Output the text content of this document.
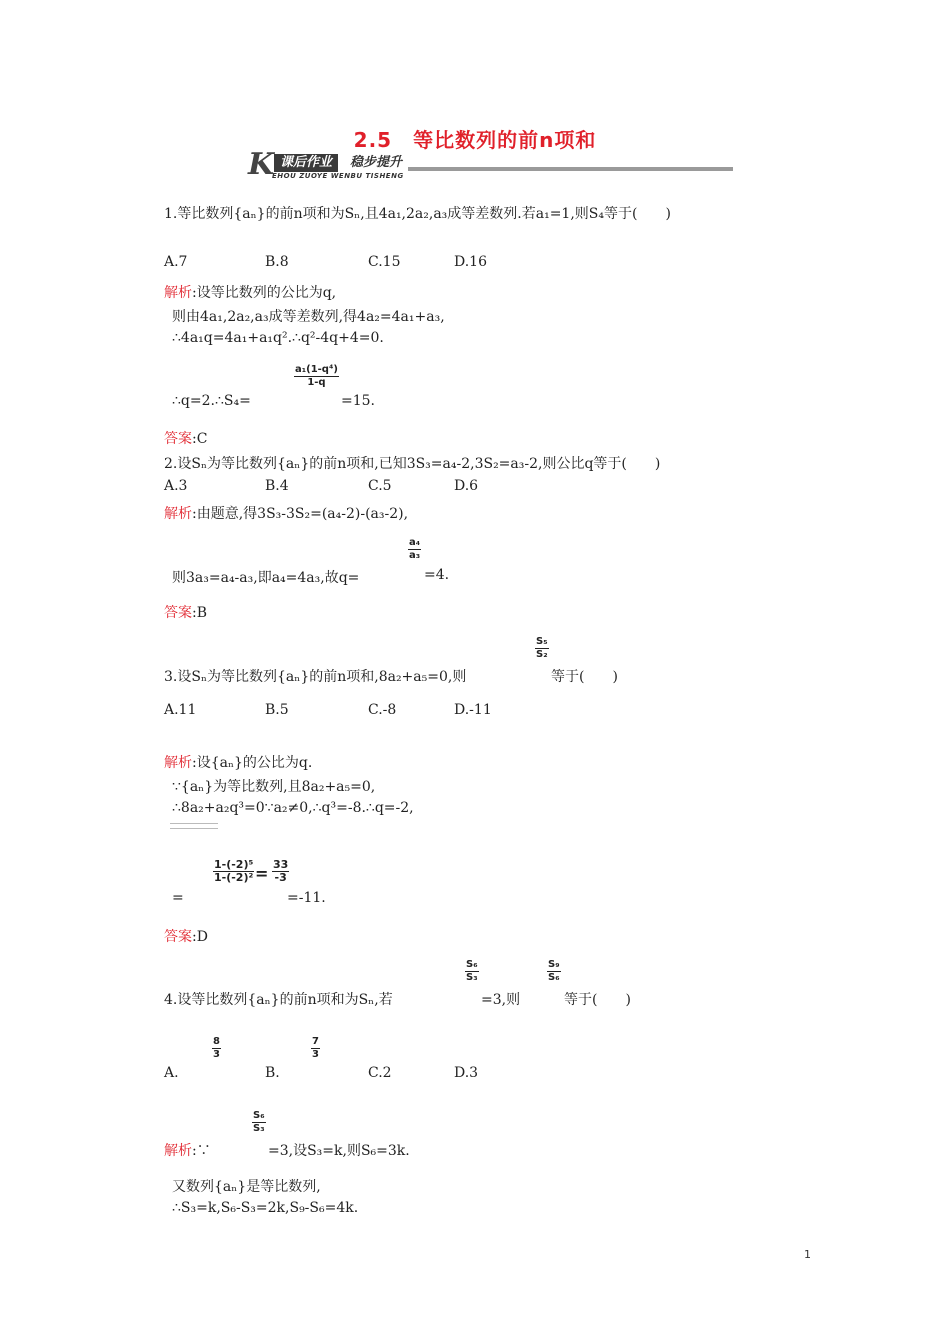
2.5　等比数列的前n项和
K 课后作业	稳步提升
EHOU ZUOYE WENBU TISHENG
1.等比数列{aₙ}的前n项和为Sₙ,且4a₁,2a₂,a₃成等差数列.若a₁=1,则S₄等于(　　)
A.7	B.8	C.15	D.16
解析:设等比数列的公比为q,
则由4a₁,2a₂,a₃成等差数列,得4a₂=4a₁+a₃,
∴4a₁q=4a₁+a₁q².∴q²-4q+4=0.
$\frac{\text{a₁(1-q⁴)}}{1-q}$
∴q=2.∴S₄=	=15.
答案:C
2.设Sₙ为等比数列{aₙ}的前n项和,已知3S₃=a₄-2,3S₂=a₃-2,则公比q等于(　　)
A.3	B.4	C.5	D.6
解析:由题意,得3S₃-3S₂=(a₄-2)-(a₃-2),
$\frac{\text{a₄}}{\text{a₃}}$
则3a₃=a₄-a₃,即a₄=4a₃,故q=	=4.
答案:B
3.设Sₙ为等比数列{aₙ}的前n项和,8a₂+a₅=0,则
$\frac{\text{S₅}}{\text{S₂}}$
等于(　　)
A.11	B.5	C.-8	D.-11
解析:设{aₙ}的公比为q.
∵{aₙ}为等比数列,且8a₂+a₅=0,
∴8a₂+a₂q³=0∵a₂≠0,∴q³=-8.∴q=-2,
$\frac{\text{1-(-2)⁵}}{\text{1-(-2)²}} = \frac{33}{-3}$
=	=-11.
答案:D
4.设等比数列{aₙ}的前n项和为Sₙ,若
$\frac{\text{S₆}}{\text{S₃}}$
=3,则
$\frac{\text{S₉}}{\text{S₆}}$
等于(　　)
$\frac{8}{3}$
A.
$\frac{7}{3}$
B.	C.2	D.3
$\frac{\text{S₆}}{\text{S₃}}$
解析:∵	=3,设S₃=k,则S₆=3k.
又数列{aₙ}是等比数列,
∴S₃=k,S₆-S₃=2k,S₉-S₆=4k.
1
